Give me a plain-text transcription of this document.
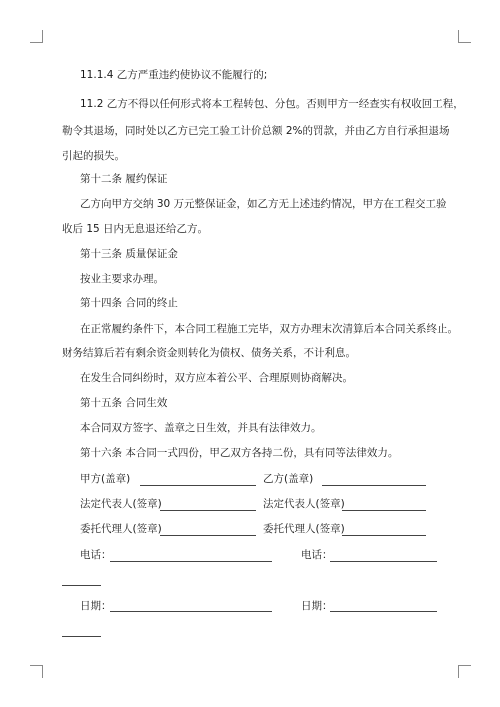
11.1.4 乙方严重违约使协议不能履行的;
11.2 乙方不得以任何形式将本工程转包、分包。否则甲方一经查实有权收回工程，
勒令其退场，同时处以乙方已完工验工计价总额 2%的罚款，并由乙方自行承担退场
引起的损失。
第十二条 履约保证
乙方向甲方交纳 30 万元整保证金，如乙方无上述违约情况，甲方在工程交工验
收后 15 日内无息退还给乙方。
第十三条 质量保证金
按业主要求办理。
第十四条 合同的终止
在正常履约条件下，本合同工程施工完毕，双方办理末次清算后本合同关系终止。
财务结算后若有剩余资金则转化为债权、债务关系，不计利息。
在发生合同纠纷时，双方应本着公平、合理原则协商解决。
第十五条 合同生效
本合同双方签字、盖章之日生效，并具有法律效力。
第十六条 本合同一式四份，甲乙双方各持二份，具有同等法律效力。
甲方(盖章)	乙方(盖章)
法定代表人(签章)	法定代表人(签章)
委托代理人(签章)	委托代理人(签章)
电话：	电话：
日期：	日期：
